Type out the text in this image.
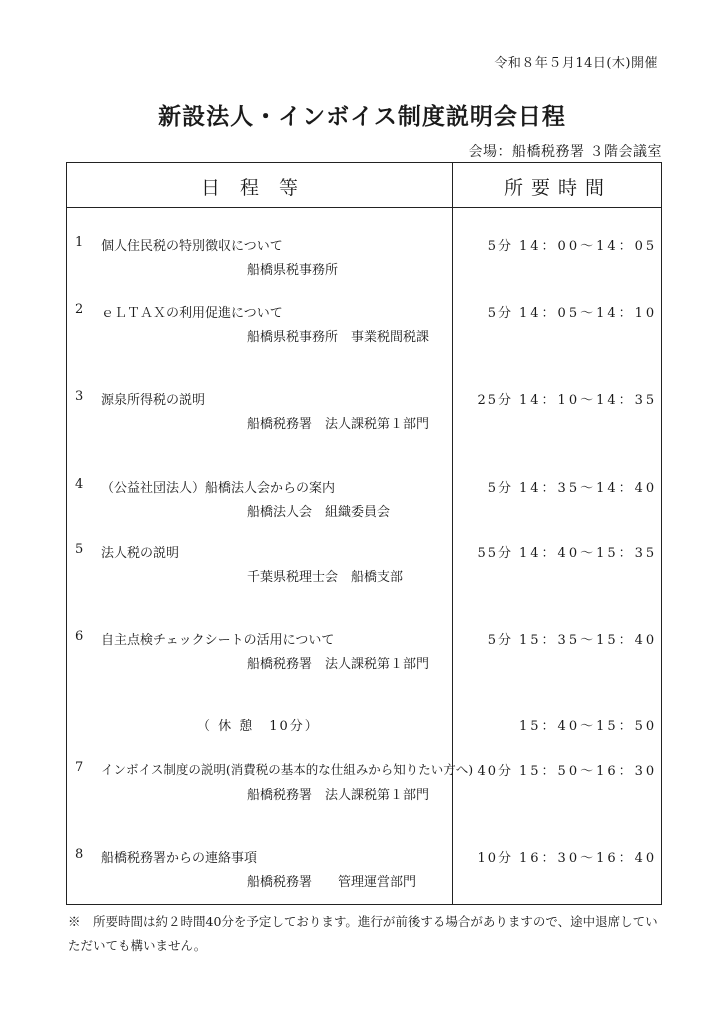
令和８年５月14日(木)開催
新設法人・インボイス制度説明会日程
会場：船橋税務署 ３階会議室
日程等	所要時間
1 個人住民税の特別徴収について
船橋県税事務所
5分 14：00～14：05
2 ｅＬＴＡＸの利用促進について
船橋県税事務所　事業税間税課
5分 14：05～14：10
3 源泉所得税の説明
船橋税務署　法人課税第１部門
25分 14：10～14：35
4 （公益社団法人）船橋法人会からの案内
船橋法人会　組織委員会
5分 14：35～14：40
5 法人税の説明
千葉県税理士会　船橋支部
55分 14：40～15：35
6 自主点検チェックシートの活用について
船橋税務署　法人課税第１部門
5分 15：35～15：40
（ 休 憩　10分）	15：40～15：50
7 インボイス制度の説明(消費税の基本的な仕組みから知りたい方へ)
船橋税務署　法人課税第１部門
40分 15：50～16：30
8 船橋税務署からの連絡事項
船橋税務署　　管理運営部門
10分 16：30～16：40
※　所要時間は約２時間40分を予定しております。進行が前後する場合がありますので、途中退席していただいても構いません。
